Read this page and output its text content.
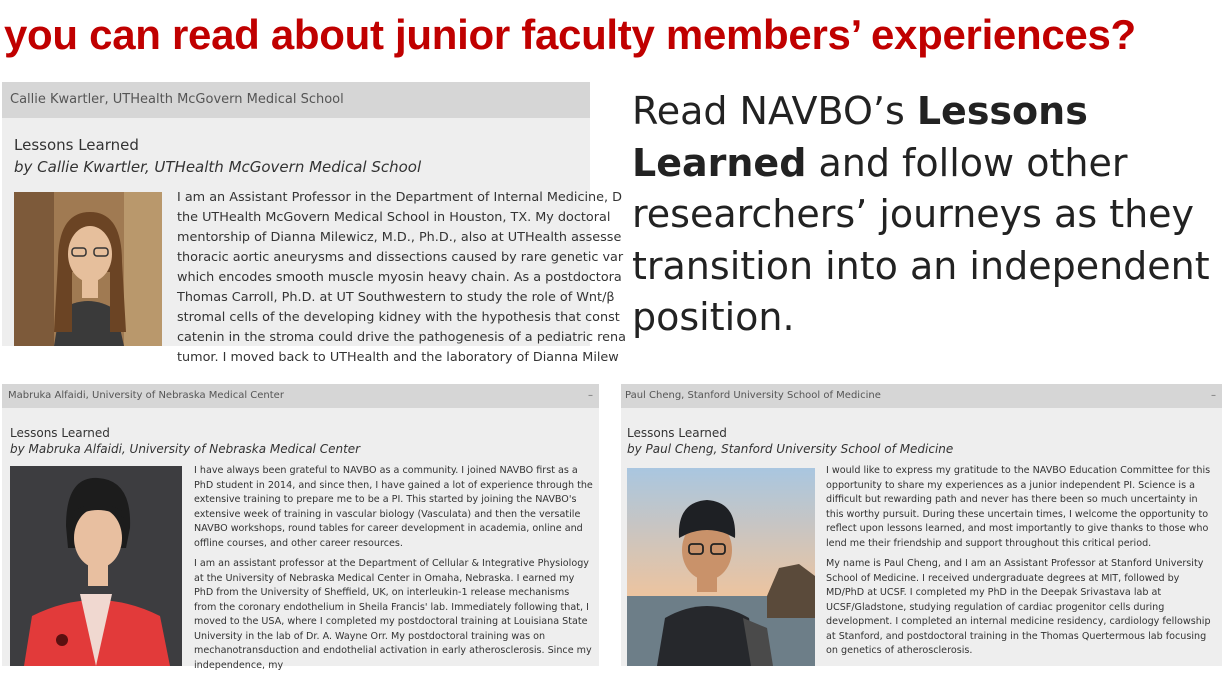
you can read about junior faculty members’ experiences?
Read NAVBO’s Lessons Learned and follow other researchers’ journeys as they transition into an independent position.
Callie Kwartler, UTHealth McGovern Medical School
Lessons Learned
by Callie Kwartler, UTHealth McGovern Medical School
I am an Assistant Professor in the Department of Internal Medicine, D
the UTHealth McGovern Medical School in Houston, TX. My doctoral
mentorship of Dianna Milewicz, M.D., Ph.D., also at UTHealth assesse
thoracic aortic aneurysms and dissections caused by rare genetic var
which encodes smooth muscle myosin heavy chain. As a postdoctora
Thomas Carroll, Ph.D. at UT Southwestern to study the role of Wnt/β
stromal cells of the developing kidney with the hypothesis that const
catenin in the stroma could drive the pathogenesis of a pediatric rena
tumor. I moved back to UTHealth and the laboratory of Dianna Milew
Mabruka Alfaidi, University of Nebraska Medical Center	–
Lessons Learned
by Mabruka Alfaidi, University of Nebraska Medical Center

I have always been grateful to NAVBO as a community. I joined NAVBO first as a PhD student in 2014, and since then, I have gained a lot of experience through the extensive training to prepare me to be a PI. This started by joining the NAVBO's extensive week of training in vascular biology (Vasculata) and then the versatile NAVBO workshops, round tables for career development in academia, online and offline courses, and other career resources.

I am an assistant professor at the Department of Cellular & Integrative Physiology at the University of Nebraska Medical Center in Omaha, Nebraska. I earned my PhD from the University of Sheffield, UK, on interleukin-1 release mechanisms from the coronary endothelium in Sheila Francis' lab. Immediately following that, I moved to the USA, where I completed my postdoctoral training at Louisiana State University in the lab of Dr. A. Wayne Orr. My postdoctoral training was on mechanotransduction and endothelial activation in early atherosclerosis. Since my independence, my

Paul Cheng, Stanford University School of Medicine	–
Lessons Learned
by Paul Cheng, Stanford University School of Medicine

I would like to express my gratitude to the NAVBO Education Committee for this opportunity to share my experiences as a junior independent PI. Science is a difficult but rewarding path and never has there been so much uncertainty in this worthy pursuit. During these uncertain times, I welcome the opportunity to reflect upon lessons learned, and most importantly to give thanks to those who lend me their friendship and support throughout this critical period.

My name is Paul Cheng, and I am an Assistant Professor at Stanford University School of Medicine. I received undergraduate degrees at MIT, followed by MD/PhD at UCSF. I completed my PhD in the Deepak Srivastava lab at UCSF/Gladstone, studying regulation of cardiac progenitor cells during development. I completed an internal medicine residency, cardiology fellowship at Stanford, and postdoctoral training in the Thomas Quertermous lab focusing on genetics of atherosclerosis.
